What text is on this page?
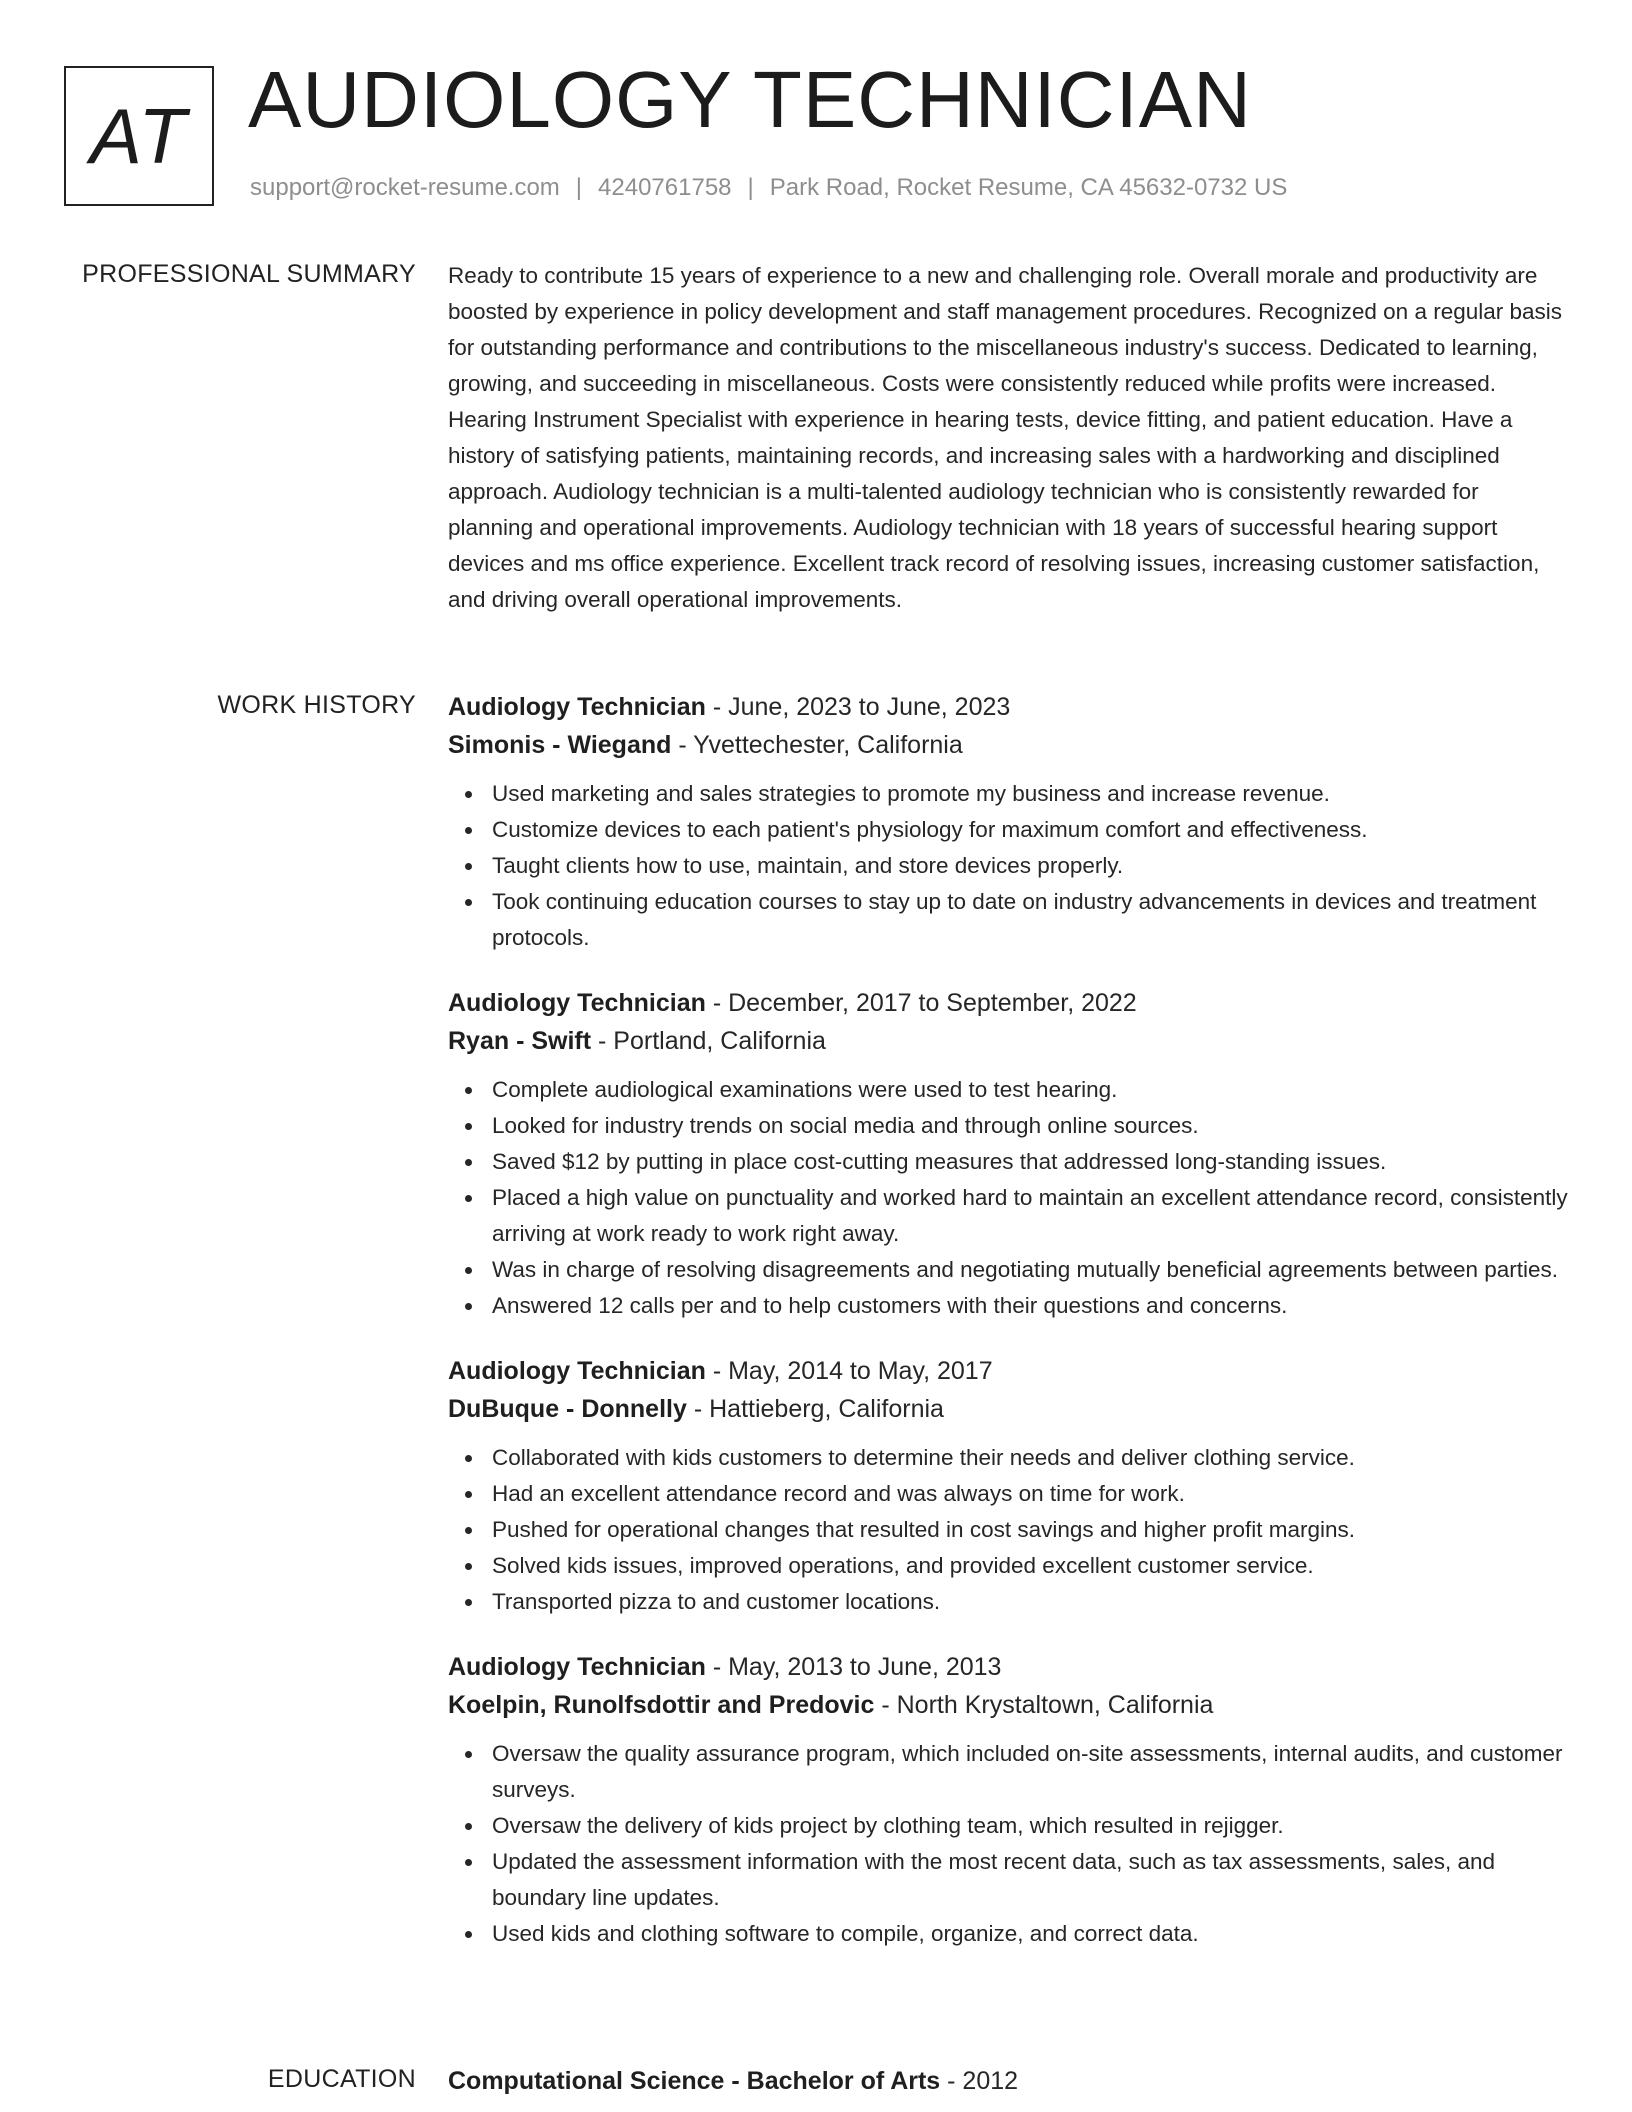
AT AUDIOLOGY TECHNICIAN
support@rocket-resume.com | 4240761758 | Park Road, Rocket Resume, CA 45632-0732 US
PROFESSIONAL SUMMARY Ready to contribute 15 years of experience to a new and challenging role. Overall morale and productivity are boosted by experience in policy development and staff management procedures. Recognized on a regular basis for outstanding performance and contributions to the miscellaneous industry's success. Dedicated to learning, growing, and succeeding in miscellaneous. Costs were consistently reduced while profits were increased. Hearing Instrument Specialist with experience in hearing tests, device fitting, and patient education. Have a history of satisfying patients, maintaining records, and increasing sales with a hardworking and disciplined approach. Audiology technician is a multi-talented audiology technician who is consistently rewarded for planning and operational improvements. Audiology technician with 18 years of successful hearing support devices and ms office experience. Excellent track record of resolving issues, increasing customer satisfaction, and driving overall operational improvements.

WORK HISTORY Audiology Technician - June, 2023 to June, 2023
Simonis - Wiegand - Yvettechester, California
Used marketing and sales strategies to promote my business and increase revenue.
Customize devices to each patient's physiology for maximum comfort and effectiveness.
Taught clients how to use, maintain, and store devices properly.
Took continuing education courses to stay up to date on industry advancements in devices and treatment protocols.
Audiology Technician - December, 2017 to September, 2022
Ryan - Swift - Portland, California
Complete audiological examinations were used to test hearing.
Looked for industry trends on social media and through online sources.
Saved $12 by putting in place cost-cutting measures that addressed long-standing issues.
Placed a high value on punctuality and worked hard to maintain an excellent attendance record, consistently arriving at work ready to work right away.
Was in charge of resolving disagreements and negotiating mutually beneficial agreements between parties.
Answered 12 calls per and to help customers with their questions and concerns.
Audiology Technician - May, 2014 to May, 2017
DuBuque - Donnelly - Hattieberg, California
Collaborated with kids customers to determine their needs and deliver clothing service.
Had an excellent attendance record and was always on time for work.
Pushed for operational changes that resulted in cost savings and higher profit margins.
Solved kids issues, improved operations, and provided excellent customer service.
Transported pizza to and customer locations.
Audiology Technician - May, 2013 to June, 2013
Koelpin, Runolfsdottir and Predovic - North Krystaltown, California
Oversaw the quality assurance program, which included on-site assessments, internal audits, and customer surveys.
Oversaw the delivery of kids project by clothing team, which resulted in rejigger.
Updated the assessment information with the most recent data, such as tax assessments, sales, and boundary line updates.
Used kids and clothing software to compile, organize, and correct data.
EDUCATION Computational Science - Bachelor of Arts - 2012
